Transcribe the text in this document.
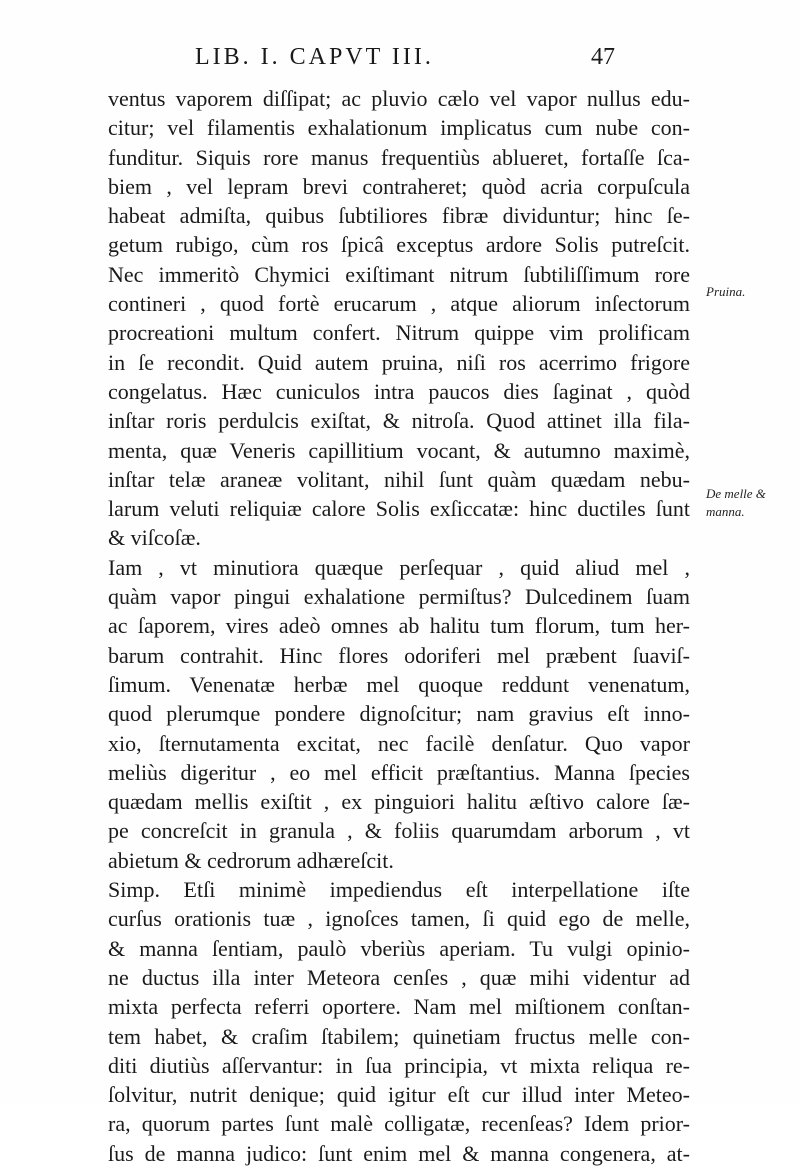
LIB. I. CAPVT III.	47
ventus vaporem diſſipat; ac pluvio cælo vel vapor nullus edu-
citur; vel filamentis exhalationum implicatus cum nube con-
funditur. Siquis rore manus frequentiùs ablueret, fortaſſe ſca-
biem , vel lepram brevi contraheret; quòd acria corpuſcula
habeat admiſta, quibus ſubtiliores fibræ dividuntur; hinc ſe-
getum rubigo, cùm ros ſpicâ exceptus ardore Solis putreſcit.
Nec immeritò Chymici exiſtimant nitrum ſubtiliſſimum rore
contineri , quod fortè erucarum , atque aliorum inſectorum
procreationi multum confert. Nitrum quippe vim prolificam
in ſe recondit. Quid autem pruina, niſi ros acerrimo frigore
congelatus. Hæc cuniculos intra paucos dies ſaginat , quòd
inſtar roris perdulcis exiſtat, & nitroſa. Quod attinet illa fila-
menta, quæ Veneris capillitium vocant, & autumno maximè,
inſtar telæ araneæ volitant, nihil ſunt quàm quædam nebu-
larum veluti reliquiæ calore Solis exſiccatæ: hinc ductiles ſunt
& viſcoſæ.
Iam , vt minutiora quæque perſequar , quid aliud mel ,
quàm vapor pingui exhalatione permiſtus? Dulcedinem ſuam
ac ſaporem, vires adeò omnes ab halitu tum florum, tum her-
barum contrahit. Hinc flores odoriferi mel præbent ſuaviſ-
ſimum. Venenatæ herbæ mel quoque reddunt venenatum,
quod plerumque pondere dignoſcitur; nam gravius eſt inno-
xio, ſternutamenta excitat, nec facilè denſatur. Quo vapor
meliùs digeritur , eo mel efficit præſtantius. Manna ſpecies
quædam mellis exiſtit , ex pinguiori halitu æſtivo calore ſæ-
pe concreſcit in granula , & foliis quarumdam arborum , vt
abietum & cedrorum adhæreſcit.
Simp. Etſi minimè impediendus eſt interpellatione iſte
curſus orationis tuæ , ignoſces tamen, ſi quid ego de melle,
& manna ſentiam, paulò vberiùs aperiam. Tu vulgi opinio-
ne ductus illa inter Meteora cenſes , quæ mihi videntur ad
mixta perfecta referri oportere. Nam mel miſtionem conſtan-
tem habet, & craſim ſtabilem; quinetiam fructus melle con-
diti diutiùs aſſervantur: in ſua principia, vt mixta reliqua re-
ſolvitur, nutrit denique; quid igitur eſt cur illud inter Meteo-
ra, quorum partes ſunt malè colligatæ, recenſeas? Idem prior-
ſus de manna judico: ſunt enim mel & manna congenera, at-
Pruina.
De melle &
manna.
